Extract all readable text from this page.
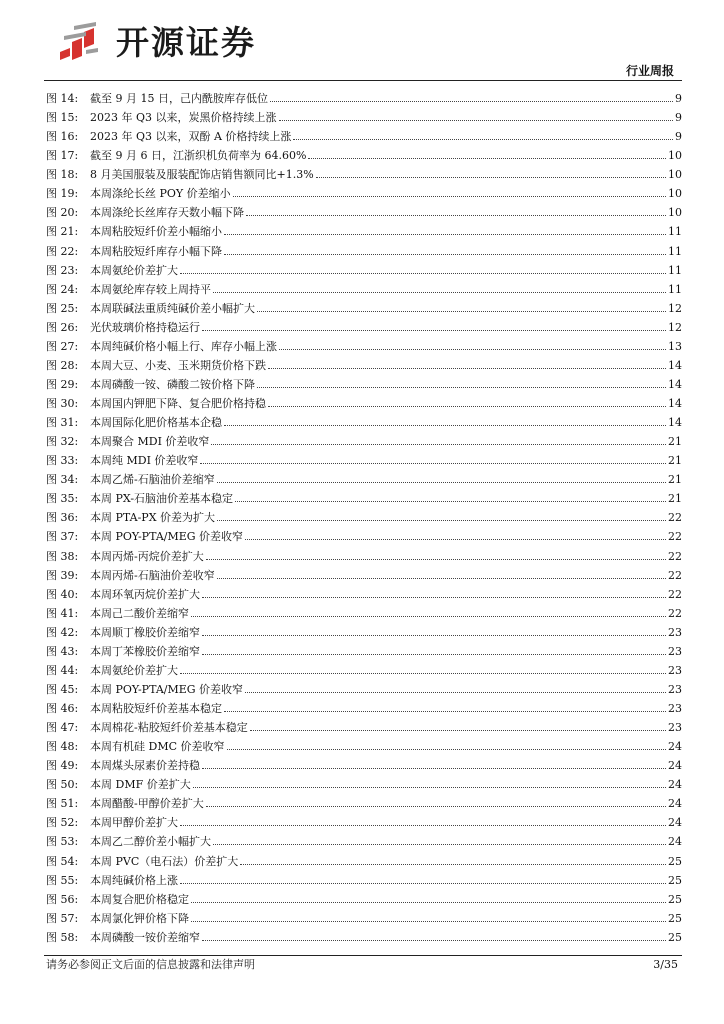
开源证券
行业周报
图 14:	截至 9 月 15 日，己内酰胺库存低位	9
图 15:	2023 年 Q3 以来，炭黑价格持续上涨	9
图 16:	2023 年 Q3 以来，双酚 A 价格持续上涨	9
图 17:	截至 9 月 6 日，江浙织机负荷率为 64.60%	10
图 18:	8 月美国服装及服装配饰店销售额同比+1.3%	10
图 19:	本周涤纶长丝 POY 价差缩小	10
图 20:	本周涤纶长丝库存天数小幅下降	10
图 21:	本周粘胶短纤价差小幅缩小	11
图 22:	本周粘胶短纤库存小幅下降	11
图 23:	本周氨纶价差扩大	11
图 24:	本周氨纶库存较上周持平	11
图 25:	本周联碱法重质纯碱价差小幅扩大	12
图 26:	光伏玻璃价格持稳运行	12
图 27:	本周纯碱价格小幅上行、库存小幅上涨	13
图 28:	本周大豆、小麦、玉米期货价格下跌	14
图 29:	本周磷酸一铵、磷酸二铵价格下降	14
图 30:	本周国内钾肥下降、复合肥价格持稳	14
图 31:	本周国际化肥价格基本企稳	14
图 32:	本周聚合 MDI 价差收窄	21
图 33:	本周纯 MDI 价差收窄	21
图 34:	本周乙烯-石脑油价差缩窄	21
图 35:	本周 PX-石脑油价差基本稳定	21
图 36:	本周 PTA-PX 价差为扩大	22
图 37:	本周 POY-PTA/MEG 价差收窄	22
图 38:	本周丙烯-丙烷价差扩大	22
图 39:	本周丙烯-石脑油价差收窄	22
图 40:	本周环氧丙烷价差扩大	22
图 41:	本周己二酸价差缩窄	22
图 42:	本周顺丁橡胶价差缩窄	23
图 43:	本周丁苯橡胶价差缩窄	23
图 44:	本周氨纶价差扩大	23
图 45:	本周 POY-PTA/MEG 价差收窄	23
图 46:	本周粘胶短纤价差基本稳定	23
图 47:	本周棉花-粘胶短纤价差基本稳定	23
图 48:	本周有机硅 DMC 价差收窄	24
图 49:	本周煤头尿素价差持稳	24
图 50:	本周 DMF 价差扩大	24
图 51:	本周醋酸-甲醇价差扩大	24
图 52:	本周甲醇价差扩大	24
图 53:	本周乙二醇价差小幅扩大	24
图 54:	本周 PVC（电石法）价差扩大	25
图 55:	本周纯碱价格上涨	25
图 56:	本周复合肥价格稳定	25
图 57:	本周氯化钾价格下降	25
图 58:	本周磷酸一铵价差缩窄	25
请务必参阅正文后面的信息披露和法律声明	3/35
